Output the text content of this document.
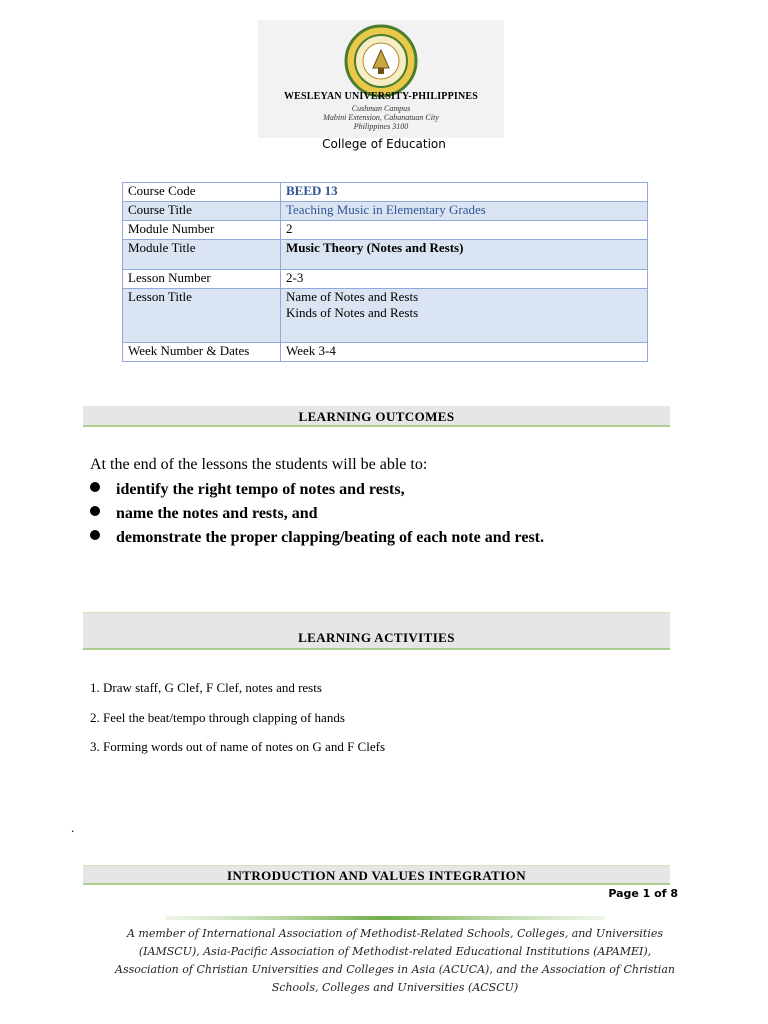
WESLEYAN UNIVERSITY-PHILIPPINES
Cushman Campus
Mabini Extension, Cabanatuan City
Philippines 3100
College of Education
Course Code	BEED 13
Course Title	Teaching Music in Elementary Grades
Module Number	2
Module Title	Music Theory (Notes and Rests)
Lesson Number	2-3
Lesson Title	Name of Notes and Rests
Kinds of Notes and Rests

Week Number & Dates	Week 3-4
LEARNING OUTCOMES
At the end of the lessons the students will be able to:
identify the right tempo of notes and rests,
name the notes and rests, and
demonstrate the proper clapping/beating of each note and rest.
LEARNING ACTIVITIES
1. Draw staff, G Clef, F Clef, notes and rests
2. Feel the beat/tempo through clapping of hands
3. Forming words out of name of notes on G and F Clefs
.
INTRODUCTION AND VALUES INTEGRATION
Page 1 of 8
A member of International Association of Methodist-Related Schools, Colleges, and Universities (IAMSCU), Asia-Pacific Association of Methodist-related Educational Institutions (APAMEI), Association of Christian Universities and Colleges in Asia (ACUCA), and the Association of Christian Schools, Colleges and Universities (ACSCU)
